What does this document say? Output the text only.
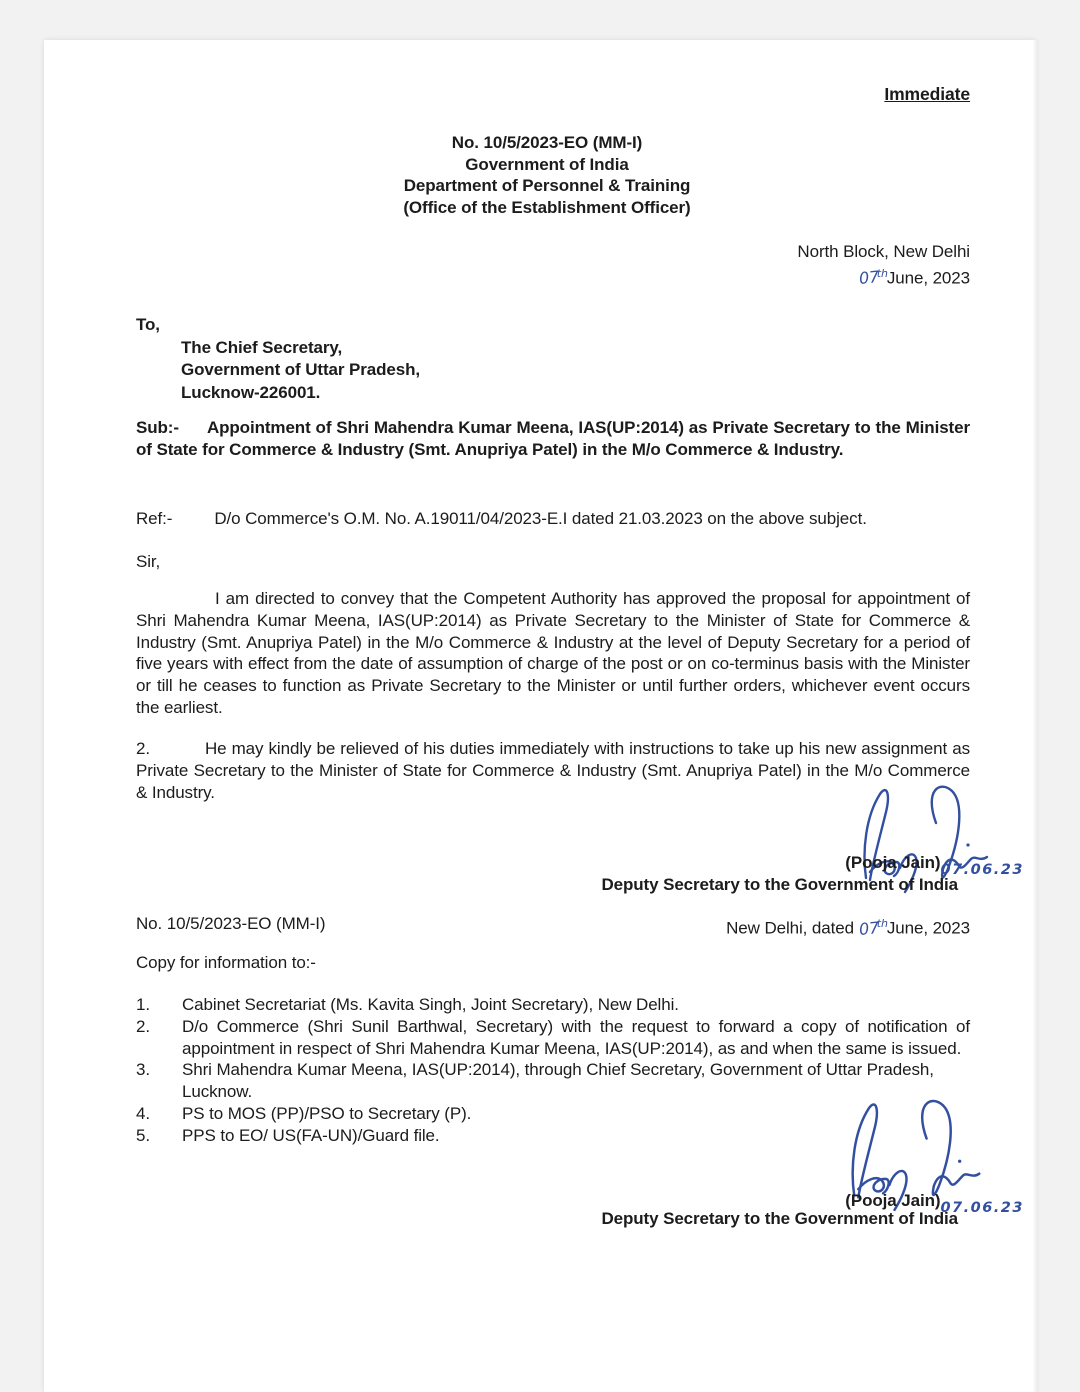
Immediate
No. 10/5/2023-EO (MM-I)
Government of India
Department of Personnel & Training
(Office of the Establishment Officer)
North Block, New Delhi
07thJune, 2023
To,
The Chief Secretary,
Government of Uttar Pradesh,
Lucknow-226001.
Sub:- Appointment of Shri Mahendra Kumar Meena, IAS(UP:2014) as Private Secretary to the Minister of State for Commerce & Industry (Smt. Anupriya Patel) in the M/o Commerce & Industry.
Ref:- D/o Commerce's O.M. No. A.19011/04/2023-E.I dated 21.03.2023 on the above subject.
Sir,

I am directed to convey that the Competent Authority has approved the proposal for appointment of Shri Mahendra Kumar Meena, IAS(UP:2014) as Private Secretary to the Minister of State for Commerce & Industry (Smt. Anupriya Patel) in the M/o Commerce & Industry at the level of Deputy Secretary for a period of five years with effect from the date of assumption of charge of the post or on co-terminus basis with the Minister or till he ceases to function as Private Secretary to the Minister or until further orders, whichever event occurs the earliest.

2.	He may kindly be relieved of his duties immediately with instructions to take up his new assignment as Private Secretary to the Minister of State for Commerce & Industry (Smt. Anupriya Patel) in the M/o Commerce & Industry.

(Pooja Jain)07.06.23
Deputy Secretary to the Government of India
No. 10/5/2023-EO (MM-I)	New Delhi, dated 07thJune, 2023
Copy for information to:-
1.	Cabinet Secretariat (Ms. Kavita Singh, Joint Secretary), New Delhi.
2.	D/o Commerce (Shri Sunil Barthwal, Secretary) with the request to forward a copy of notification of appointment in respect of Shri Mahendra Kumar Meena, IAS(UP:2014), as and when the same is issued.
3.	Shri Mahendra Kumar Meena, IAS(UP:2014), through Chief Secretary, Government of Uttar Pradesh, Lucknow.
4.	PS to MOS (PP)/PSO to Secretary (P).
5.	PPS to EO/ US(FA-UN)/Guard file.
(Pooja Jain)07.06.23
Deputy Secretary to the Government of India
